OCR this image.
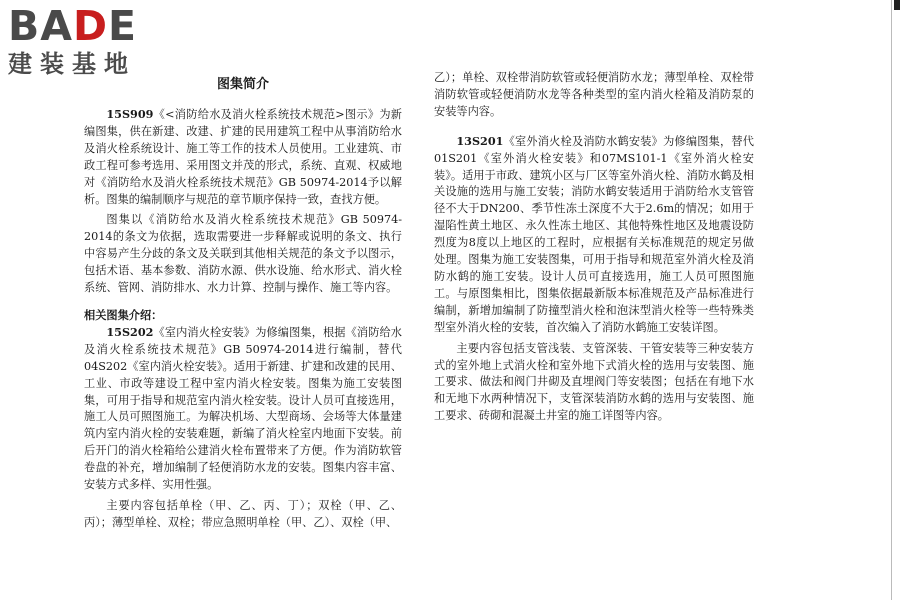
BADE
建装基地
图集简介

15S909《<消防给水及消火栓系统技术规范>图示》为新编图集，供在新建、改建、扩建的民用建筑工程中从事消防给水及消火栓系统设计、施工等工作的技术人员使用。工业建筑、市政工程可参考选用、采用图文并茂的形式，系统、直观、权威地对《消防给水及消火栓系统技术规范》GB 50974-2014予以解析。图集的编制顺序与规范的章节顺序保持一致，查找方便。

图集以《消防给水及消火栓系统技术规范》GB 50974-2014的条文为依据，选取需要进一步释解或说明的条文、执行中容易产生分歧的条文及关联到其他相关规范的条文予以图示，包括术语、基本参数、消防水源、供水设施、给水形式、消火栓系统、管网、消防排水、水力计算、控制与操作、施工等内容。

相关图集介绍：

15S202《室内消火栓安装》为修编图集，根据《消防给水及消火栓系统技术规范》GB 50974-2014进行编制，替代04S202《室内消火栓安装》。适用于新建、扩建和改建的民用、工业、市政等建设工程中室内消火栓安装。图集为施工安装图集，可用于指导和规范室内消火栓安装。设计人员可直接选用，施工人员可照图施工。为解决机场、大型商场、会场等大体量建筑内室内消火栓的安装难题，新编了消火栓室内地面下安装。前后开门的消火栓箱给公建消火栓布置带来了方便。作为消防软管卷盘的补充，增加编制了轻便消防水龙的安装。图集内容丰富、安装方式多样、实用性强。

主要内容包括单栓（甲、乙、丙、丁）；双栓（甲、乙、丙）；薄型单栓、双栓；带应急照明单栓（甲、乙）、双栓（甲、

乙）；单栓、双栓带消防软管或轻便消防水龙；薄型单栓、双栓带消防软管或轻便消防水龙等各种类型的室内消火栓箱及消防泵的安装等内容。

13S201《室外消火栓及消防水鹤安装》为修编图集，替代01S201《室外消火栓安装》和07MS101-1《室外消火栓安装》。适用于市政、建筑小区与厂区等室外消火栓、消防水鹤及相关设施的选用与施工安装；消防水鹤安装适用于消防给水支管管径不大于DN200、季节性冻土深度不大于2.6m的情况；如用于湿陷性黄土地区、永久性冻土地区、其他特殊性地区及地震设防烈度为8度以上地区的工程时，应根据有关标准规范的规定另做处理。图集为施工安装图集，可用于指导和规范室外消火栓及消防水鹤的施工安装。设计人员可直接选用，施工人员可照图施工。与原图集相比，图集依据最新版本标准规范及产品标准进行编制，新增加编制了防撞型消火栓和泡沫型消火栓等一些特殊类型室外消火栓的安装，首次编入了消防水鹤施工安装详图。

主要内容包括支管浅装、支管深装、干管安装等三种安装方式的室外地上式消火栓和室外地下式消火栓的选用与安装图、施工要求、做法和阀门井砌及直埋阀门等安装图；包括在有地下水和无地下水两种情况下，支管深装消防水鹤的选用与安装图、施工要求、砖砌和混凝土井室的施工详图等内容。
